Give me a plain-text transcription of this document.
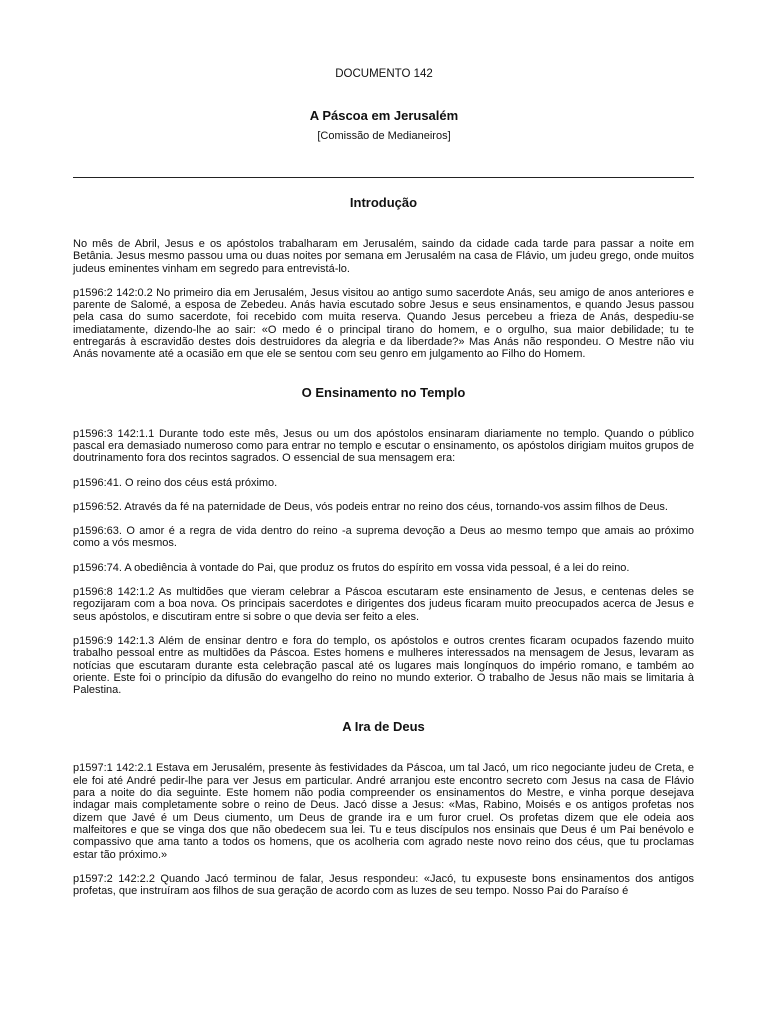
DOCUMENTO 142
A Páscoa em Jerusalém
[Comissão de Medianeiros]
Introdução

No mês de Abril, Jesus e os apóstolos trabalharam em Jerusalém, saindo da cidade cada tarde para passar a noite em Betânia. Jesus mesmo passou uma ou duas noites por semana em Jerusalém na casa de Flávio, um judeu grego, onde muitos judeus eminentes vinham em segredo para entrevistá-lo.

p1596:2 142:0.2 No primeiro dia em Jerusalém, Jesus visitou ao antigo sumo sacerdote Anás, seu amigo de anos anteriores e parente de Salomé, a esposa de Zebedeu. Anás havia escutado sobre Jesus e seus ensinamentos, e quando Jesus passou pela casa do sumo sacerdote, foi recebido com muita reserva. Quando Jesus percebeu a frieza de Anás, despediu-se imediatamente, dizendo-lhe ao sair: «O medo é o principal tirano do homem, e o orgulho, sua maior debilidade; tu te entregarás à escravidão destes dois destruidores da alegria e da liberdade?» Mas Anás não respondeu. O Mestre não viu Anás novamente até a ocasião em que ele se sentou com seu genro em julgamento ao Filho do Homem.

O Ensinamento no Templo

p1596:3 142:1.1 Durante todo este mês, Jesus ou um dos apóstolos ensinaram diariamente no templo. Quando o público pascal era demasiado numeroso como para entrar no templo e escutar o ensinamento, os apóstolos dirigiam muitos grupos de doutrinamento fora dos recintos sagrados. O essencial de sua mensagem era:

p1596:41. O reino dos céus está próximo.

p1596:52. Através da fé na paternidade de Deus, vós podeis entrar no reino dos céus, tornando-vos assim filhos de Deus.

p1596:63. O amor é a regra de vida dentro do reino -a suprema devoção a Deus ao mesmo tempo que amais ao próximo como a vós mesmos.

p1596:74. A obediência à vontade do Pai, que produz os frutos do espírito em vossa vida pessoal, é a lei do reino.

p1596:8 142:1.2 As multidões que vieram celebrar a Páscoa escutaram este ensinamento de Jesus, e centenas deles se regozijaram com a boa nova. Os principais sacerdotes e dirigentes dos judeus ficaram muito preocupados acerca de Jesus e seus apóstolos, e discutiram entre si sobre o que devia ser feito a eles.

p1596:9 142:1.3 Além de ensinar dentro e fora do templo, os apóstolos e outros crentes ficaram ocupados fazendo muito trabalho pessoal entre as multidões da Páscoa. Estes homens e mulheres interessados na mensagem de Jesus, levaram as notícias que escutaram durante esta celebração pascal até os lugares mais longínquos do império romano, e também ao oriente. Este foi o princípio da difusão do evangelho do reino no mundo exterior. O trabalho de Jesus não mais se limitaria à Palestina.

A Ira de Deus

p1597:1 142:2.1 Estava em Jerusalém, presente às festividades da Páscoa, um tal Jacó, um rico negociante judeu de Creta, e ele foi até André pedir-lhe para ver Jesus em particular. André arranjou este encontro secreto com Jesus na casa de Flávio para a noite do dia seguinte. Este homem não podia compreender os ensinamentos do Mestre, e vinha porque desejava indagar mais completamente sobre o reino de Deus. Jacó disse a Jesus: «Mas, Rabino, Moisés e os antigos profetas nos dizem que Javé é um Deus ciumento, um Deus de grande ira e um furor cruel. Os profetas dizem que ele odeia aos malfeitores e que se vinga dos que não obedecem sua lei. Tu e teus discípulos nos ensinais que Deus é um Pai benévolo e compassivo que ama tanto a todos os homens, que os acolheria com agrado neste novo reino dos céus, que tu proclamas estar tão próximo.»

p1597:2 142:2.2 Quando Jacó terminou de falar, Jesus respondeu: «Jacó, tu expuseste bons ensinamentos dos antigos profetas, que instruíram aos filhos de sua geração de acordo com as luzes de seu tempo. Nosso Pai do Paraíso é
